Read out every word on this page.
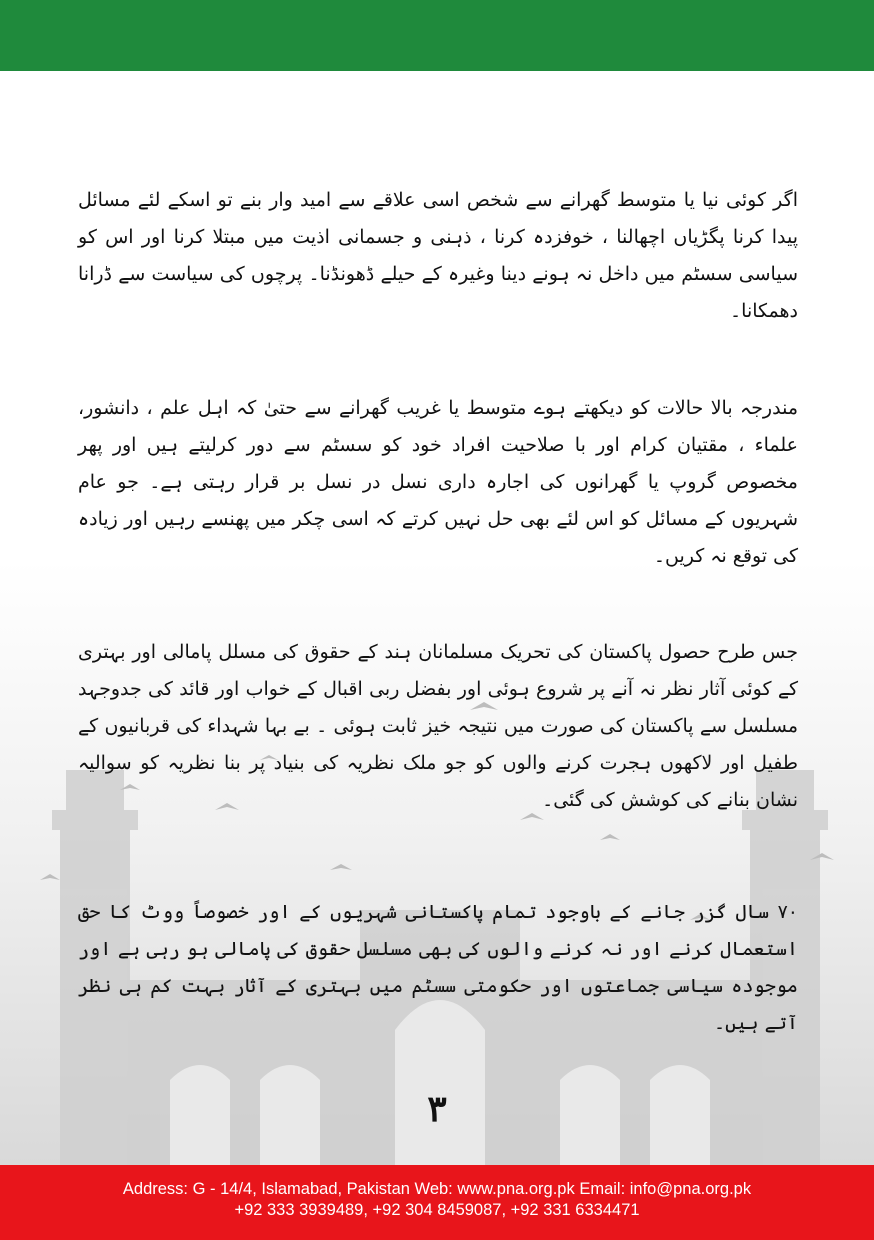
اگر کوئی نیا یا متوسط گھرانے سے شخص اسی علاقے سے امید وار بنے تو اسکے لئے مسائل پیدا کرنا پگڑیاں اچھالنا ، خوفزدہ کرنا ، ذہنی و جسمانی اذیت میں مبتلا کرنا اور اس کو سیاسی سسٹم میں داخل نہ ہونے دینا وغیرہ کے حیلے ڈھونڈنا۔ پرچوں کی سیاست سے ڈرانا دھمکانا۔

مندرجہ بالا حالات کو دیکھتے ہوے متوسط یا غریب گھرانے سے حتیٰ کہ اہل علم ، دانشور، علماء ، مقتیان کرام اور با صلاحیت افراد خود کو سسٹم سے دور کرلیتے ہیں اور پھر مخصوص گروپ یا گھرانوں کی اجارہ داری نسل در نسل بر قرار رہتی ہے۔ جو عام شہریوں کے مسائل کو اس لئے بھی حل نہیں کرتے کہ اسی چکر میں پھنسے رہیں اور زیادہ کی توقع نہ کریں۔

جس طرح حصول پاکستان کی تحریک مسلمانان ہند کے حقوق کی مسلل پامالی اور بہتری کے کوئی آثار نظر نہ آنے پر شروع ہوئی اور بفضل ربی اقبال کے خواب اور قائد کی جدوجہد مسلسل سے پاکستان کی صورت میں نتیجہ خیز ثابت ہوئی ۔ بے بہا شہداء کی قربانیوں کے طفیل اور لاکھوں ہجرت کرنے والوں کو جو ملک نظریہ کی بنیاد پر بنا نظریہ کو سوالیہ نشان بنانے کی کوشش کی گئی۔

۷۰ سال گزر جانے کے باوجود تمام پاکستانی شہریوں کے اور خصوصاً ووٹ کا حق استعمال کرنے اور نہ کرنے والوں کی بھی مسلسل حقوق کی پامالی ہو رہی ہے اور موجودہ سیاسی جماعتوں اور حکومتی سسٹم میں بہتری کے آثار بہت کم ہی نظر آتے ہیں۔

۳
Address: G - 14/4, Islamabad, Pakistan Web: www.pna.org.pk Email: info@pna.org.pk
+92 333 3939489, +92 304 8459087, +92 331 6334471
